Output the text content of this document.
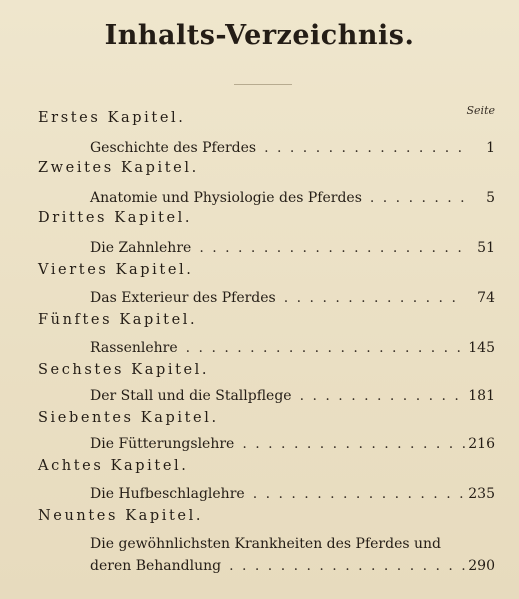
Inhalts-Verzeichnis.
Seite
Erstes Kapitel.
Geschichte des Pferdes . . .	1
Zweites Kapitel.
Anatomie und Physiologie des Pferdes . . .	5
Drittes Kapitel.
Die Zahnlehre . . .	51
Viertes Kapitel.
Das Exterieur des Pferdes . . .	74
Fünftes Kapitel.
Rassenlehre . . .	145
Sechstes Kapitel.
Der Stall und die Stallpflege . . .	181
Siebentes Kapitel.
Die Fütterungslehre . . .	216
Achtes Kapitel.
Die Hufbeschlaglehre . . .	235
Neuntes Kapitel.
Die gewöhnlichsten Krankheiten des Pferdes und
deren Behandlung . . .	290
